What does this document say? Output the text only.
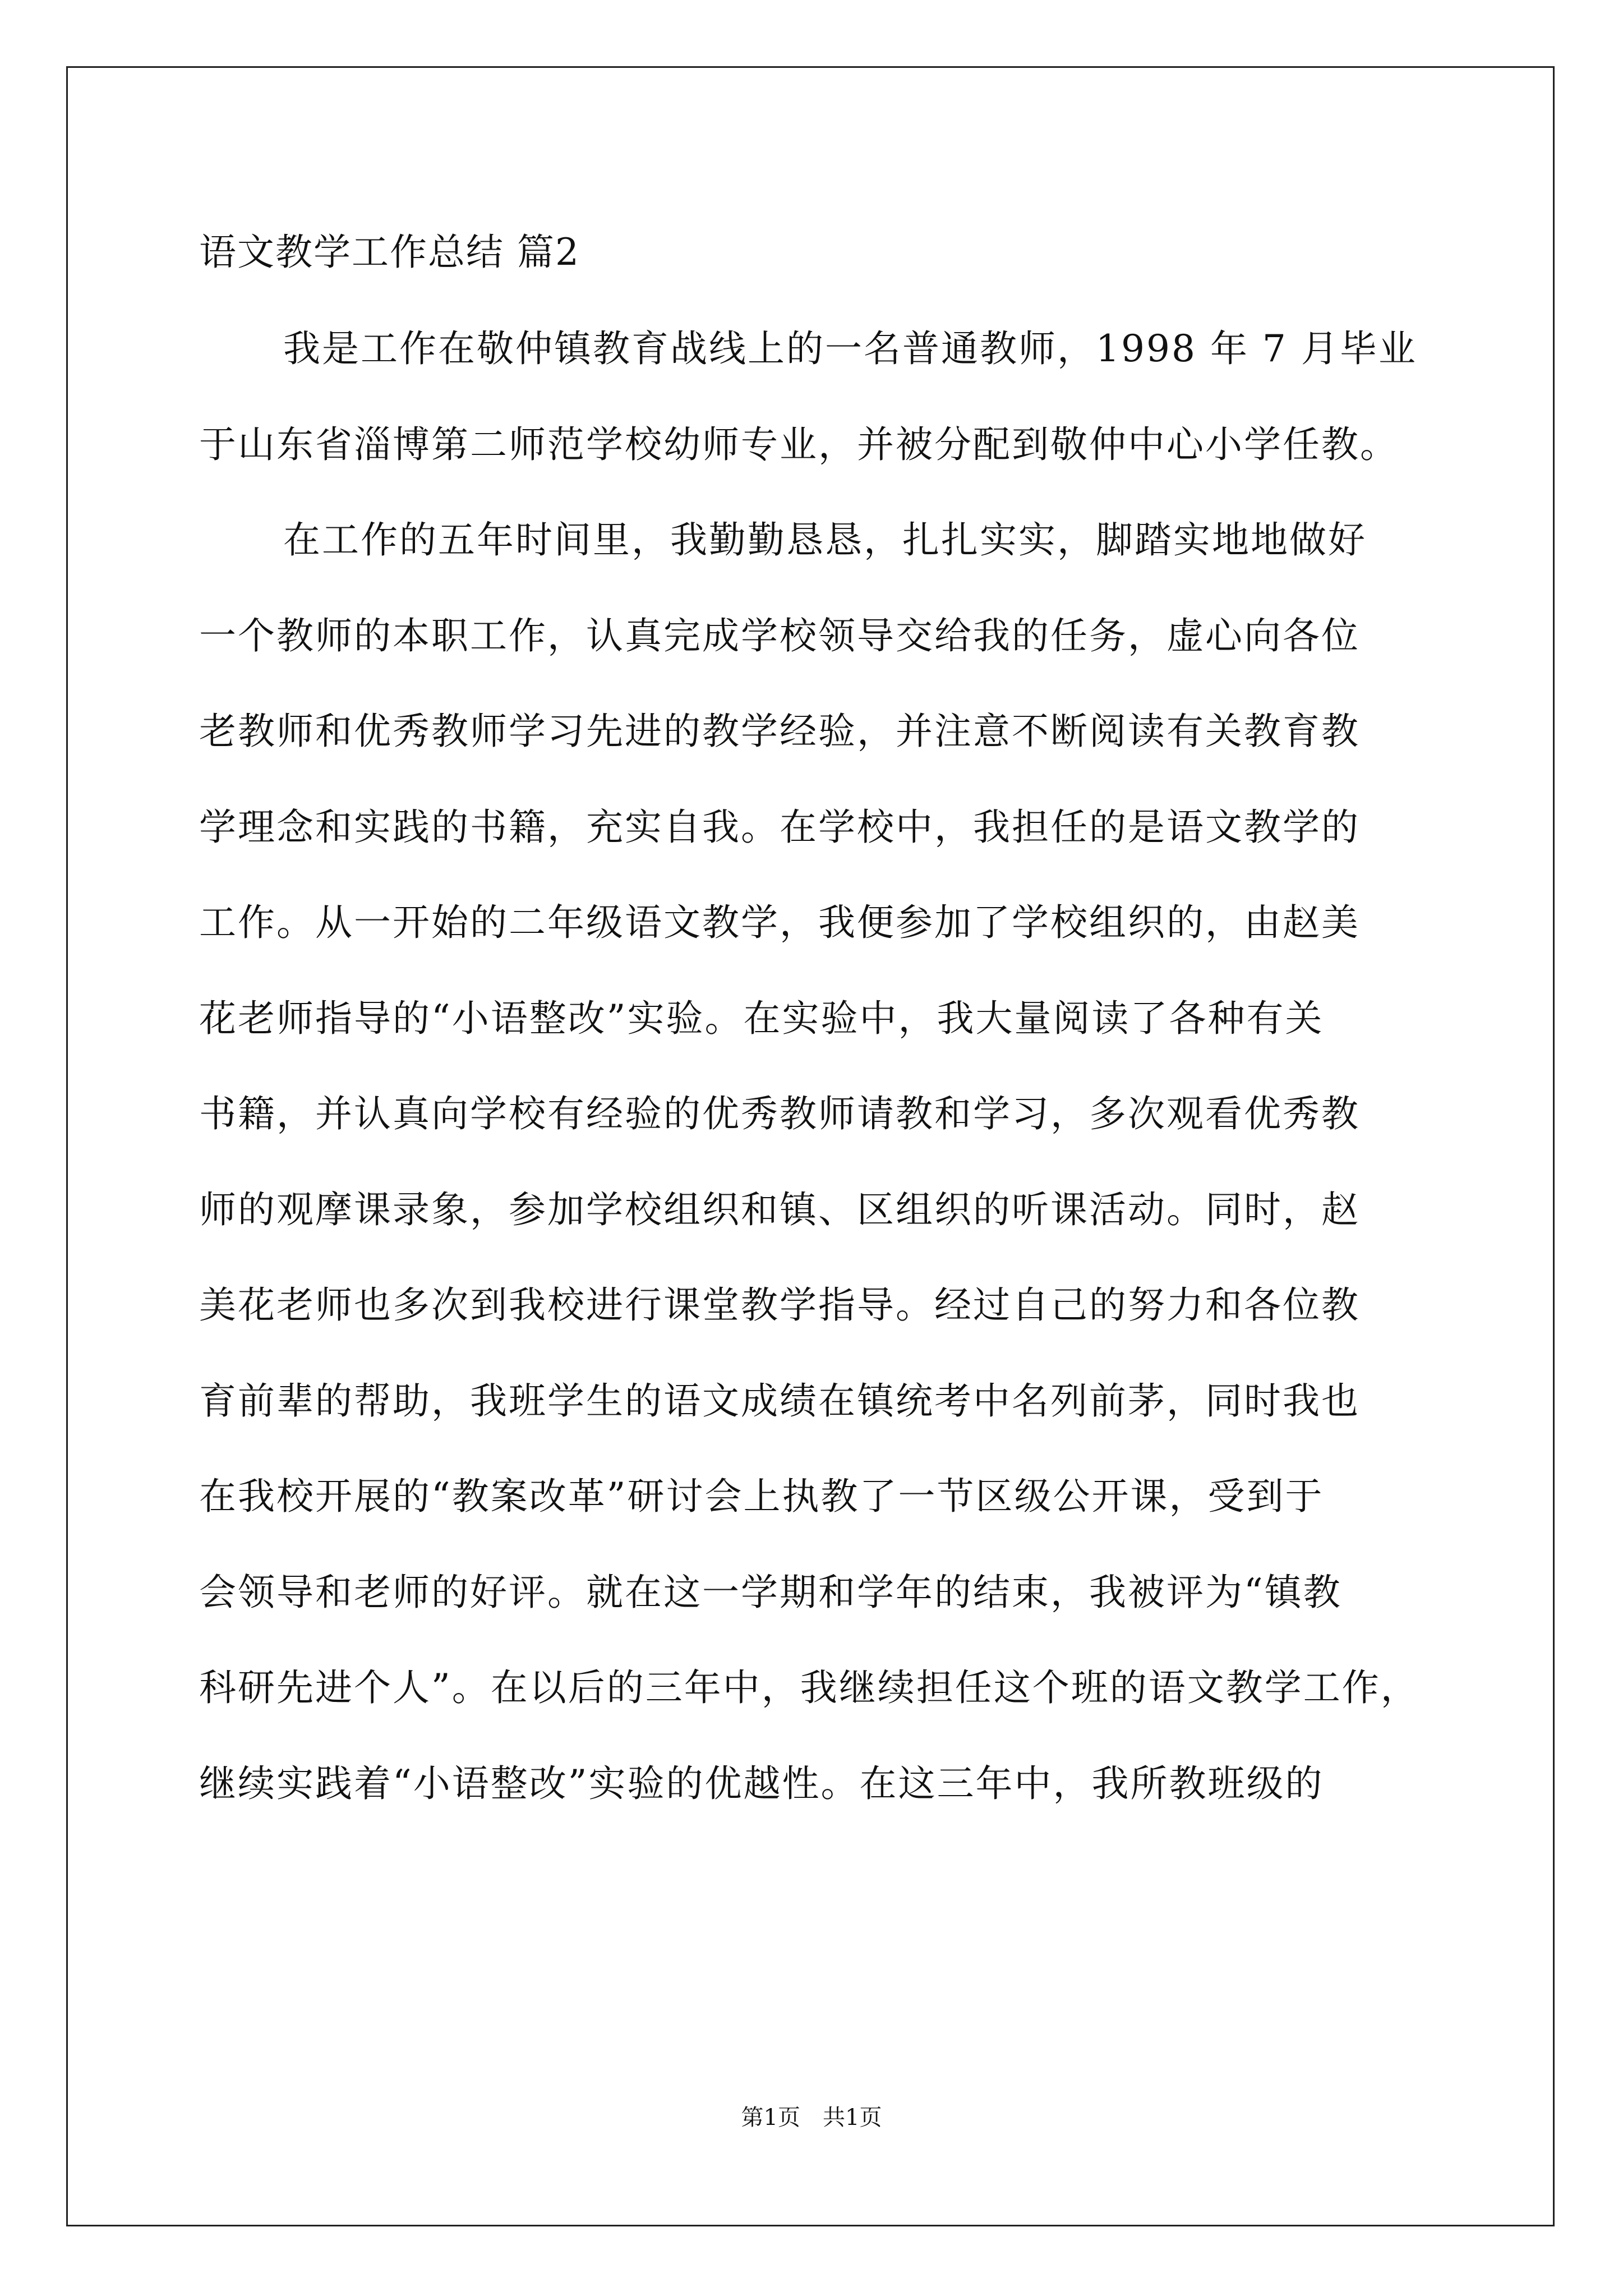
语文教学工作总结 篇2
我是工作在敬仲镇教育战线上的一名普通教师，1998 年 7 月毕业
于山东省淄博第二师范学校幼师专业，并被分配到敬仲中心小学任教。
在工作的五年时间里，我勤勤恳恳，扎扎实实，脚踏实地地做好
一个教师的本职工作，认真完成学校领导交给我的任务，虚心向各位
老教师和优秀教师学习先进的教学经验，并注意不断阅读有关教育教
学理念和实践的书籍，充实自我。在学校中，我担任的是语文教学的
工作。从一开始的二年级语文教学，我便参加了学校组织的，由赵美
花老师指导的“小语整改”实验。在实验中，我大量阅读了各种有关
书籍，并认真向学校有经验的优秀教师请教和学习，多次观看优秀教
师的观摩课录象，参加学校组织和镇、区组织的听课活动。同时，赵
美花老师也多次到我校进行课堂教学指导。经过自己的努力和各位教
育前辈的帮助，我班学生的语文成绩在镇统考中名列前茅，同时我也
在我校开展的“教案改革”研讨会上执教了一节区级公开课，受到于
会领导和老师的好评。就在这一学期和学年的结束，我被评为“镇教
科研先进个人”。在以后的三年中，我继续担任这个班的语文教学工作，
继续实践着“小语整改”实验的优越性。在这三年中，我所教班级的
第1页　共1页
